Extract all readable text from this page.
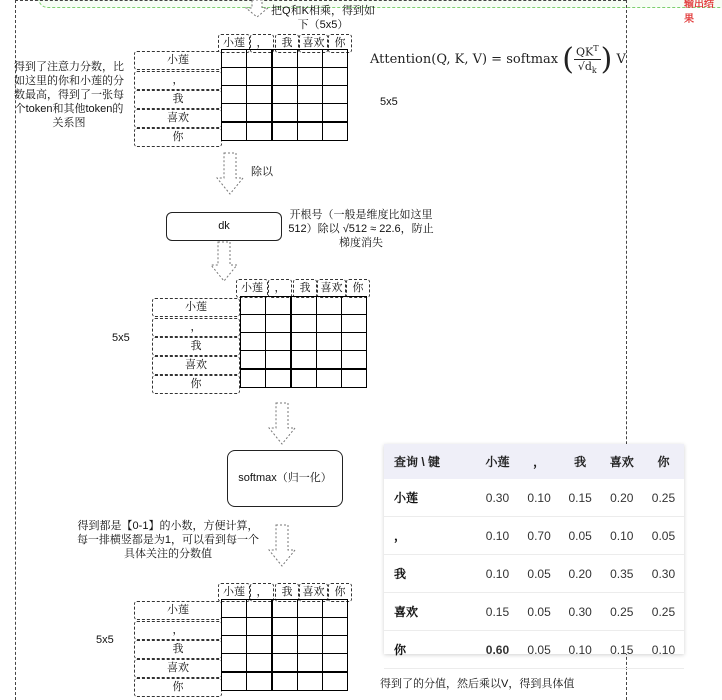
输出结果
把Q和K相乘，得到如下（5x5）
小莲	，	我 喜欢 你
小莲
，
我
喜欢
你

得到了注意力分数，比如这里的你和小莲的分数最高，得到了一张每个token和其他token的关系图
5x5
Attention(Q, K, V) = softmax ( $\frac{QK^T}{√d_k}$ ) V
除以
dk
开根号（一般是维度比如这里512）除以 √512 ≈ 22.6，防止梯度消失
小莲	，	我 喜欢 你
小莲
，
我
喜欢
你

5x5
softmax（归一化）
查询 \ 键	小莲	，	我	喜欢	你
小莲	0.30	0.10	0.15	0.20	0.25
，	0.10	0.70	0.05	0.10	0.05
我	0.10	0.05	0.20	0.35	0.30
喜欢	0.15	0.05	0.30	0.25	0.25
你	0.60	0.05	0.10	0.15	0.10
得到都是【0-1】的小数，方便计算，每一排横竖都是为1，可以看到每一个具体关注的分数值
小莲	，	我 喜欢 你
小莲
，
我
喜欢
你

5x5
得到了的分值，然后乘以V，得到具体值
